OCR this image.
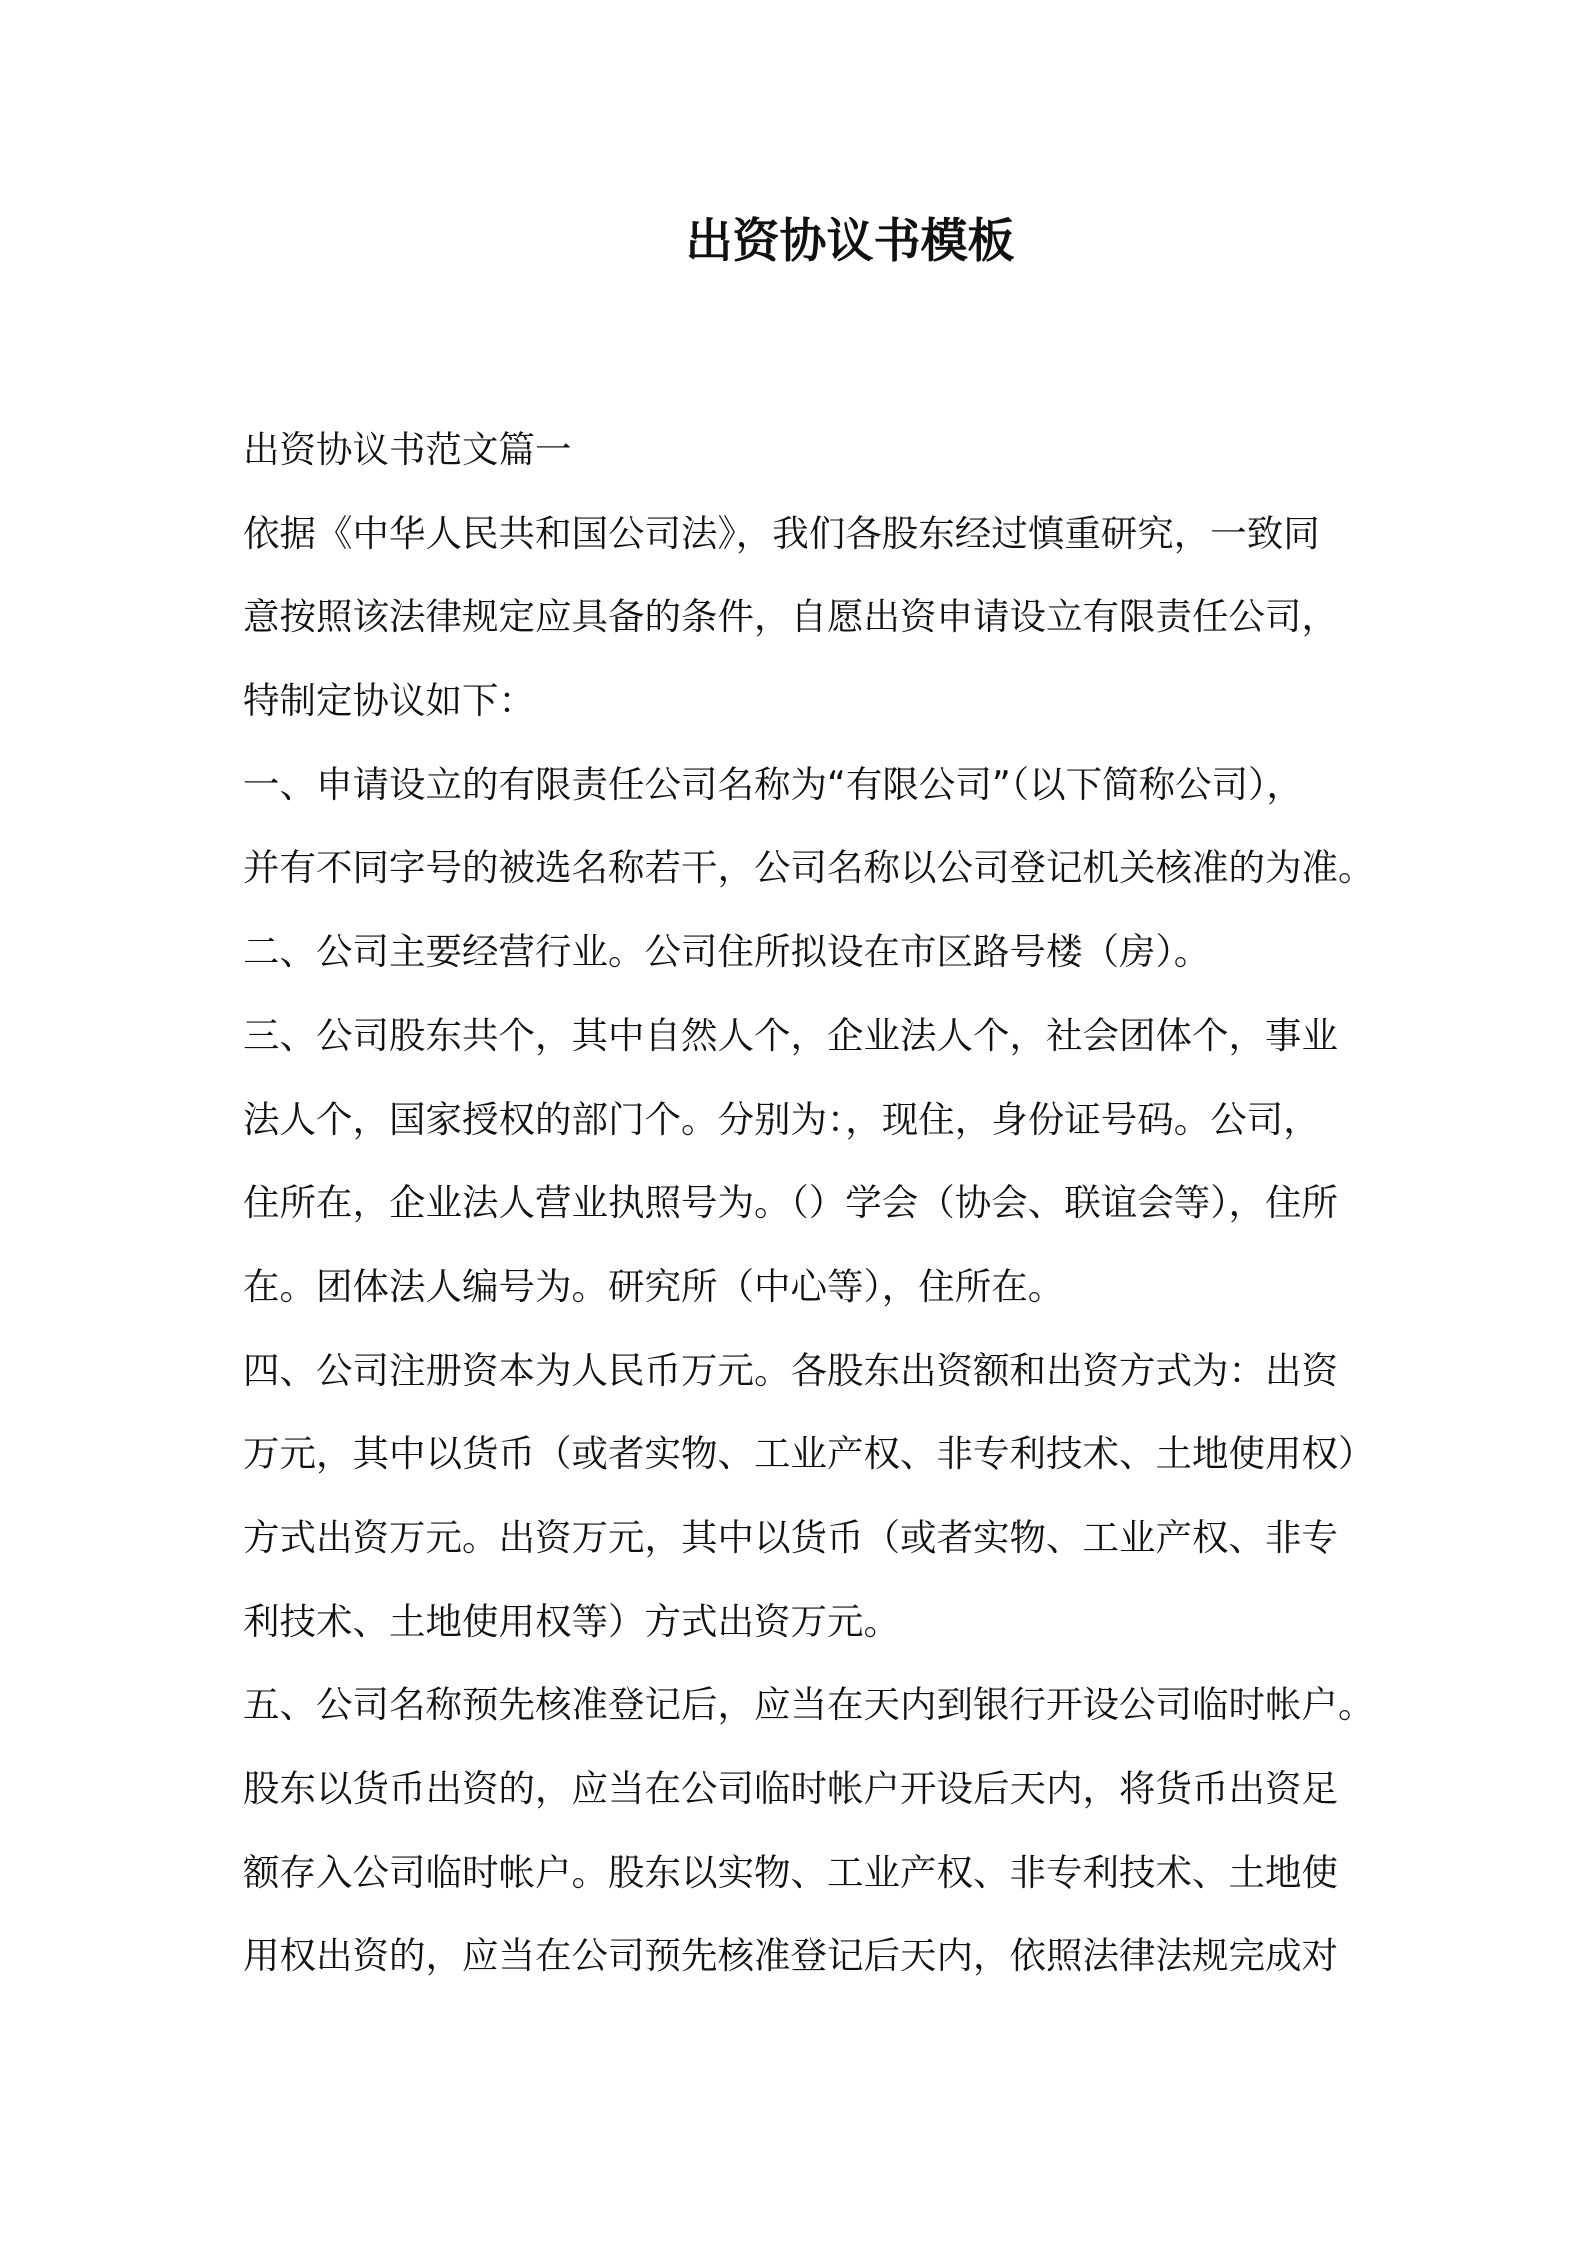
出资协议书模板
出资协议书范文篇一
依据《中华人民共和国公司法》，我们各股东经过慎重研究，一致同
意按照该法律规定应具备的条件，自愿出资申请设立有限责任公司，
特制定协议如下：
一、申请设立的有限责任公司名称为“有限公司”（以下简称公司），
并有不同字号的被选名称若干，公司名称以公司登记机关核准的为准。
二、公司主要经营行业。公司住所拟设在市区路号楼（房）。
三、公司股东共个，其中自然人个，企业法人个，社会团体个，事业
法人个，国家授权的部门个。分别为：，现住，身份证号码。公司，
住所在，企业法人营业执照号为。（）学会（协会、联谊会等），住所
在。团体法人编号为。研究所（中心等），住所在。
四、公司注册资本为人民币万元。各股东出资额和出资方式为：出资
万元，其中以货币（或者实物、工业产权、非专利技术、土地使用权）
方式出资万元。出资万元，其中以货币（或者实物、工业产权、非专
利技术、土地使用权等）方式出资万元。
五、公司名称预先核准登记后，应当在天内到银行开设公司临时帐户。
股东以货币出资的，应当在公司临时帐户开设后天内，将货币出资足
额存入公司临时帐户。股东以实物、工业产权、非专利技术、土地使
用权出资的，应当在公司预先核准登记后天内，依照法律法规完成对
